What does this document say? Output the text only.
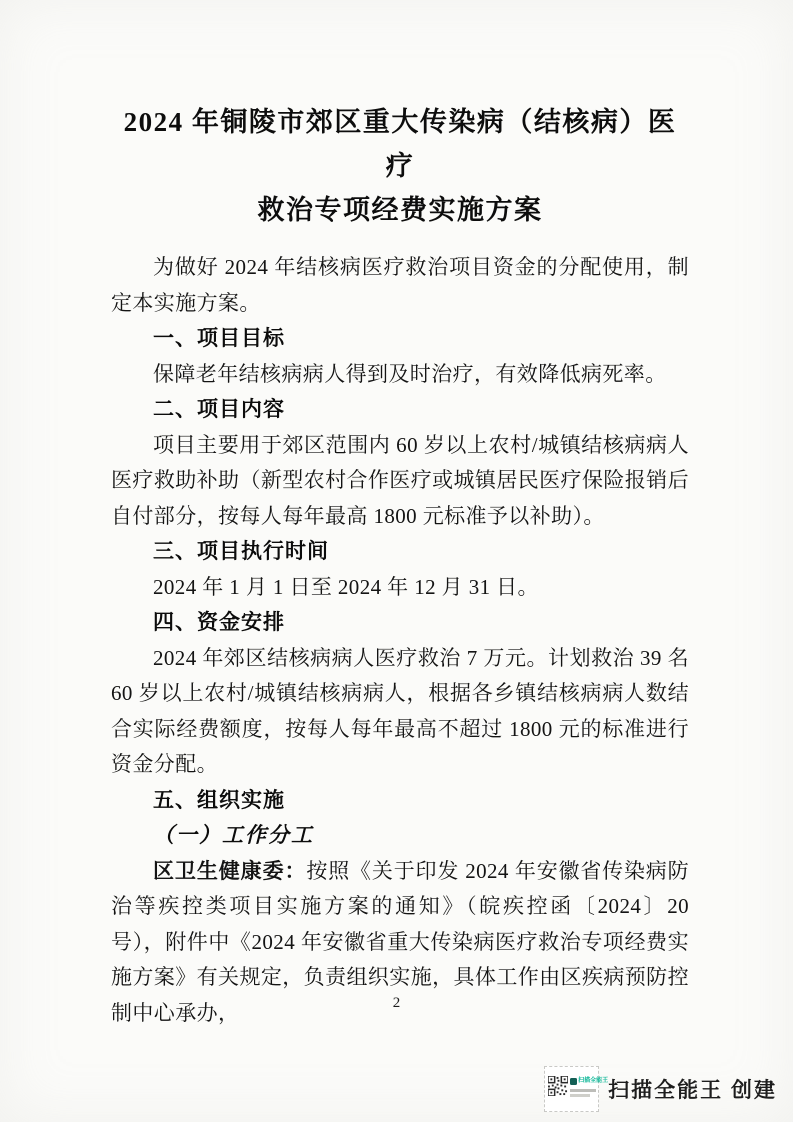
2024 年铜陵市郊区重大传染病（结核病）医疗
救治专项经费实施方案

为做好 2024 年结核病医疗救治项目资金的分配使用，制定本实施方案。

一、项目目标

保障老年结核病病人得到及时治疗，有效降低病死率。

二、项目内容

项目主要用于郊区范围内 60 岁以上农村/城镇结核病病人医疗救助补助（新型农村合作医疗或城镇居民医疗保险报销后自付部分，按每人每年最高 1800 元标准予以补助）。

三、项目执行时间

2024 年 1 月 1 日至 2024 年 12 月 31 日。

四、资金安排

2024 年郊区结核病病人医疗救治 7 万元。计划救治 39 名 60 岁以上农村/城镇结核病病人，根据各乡镇结核病病人数结合实际经费额度，按每人每年最高不超过 1800 元的标准进行资金分配。

五、组织实施

（一）工作分工

区卫生健康委：按照《关于印发 2024 年安徽省传染病防治等疾控类项目实施方案的通知》（皖疾控函〔2024〕20 号），附件中《2024 年安徽省重大传染病医疗救治专项经费实施方案》有关规定，负责组织实施，具体工作由区疾病预防控制中心承办，	2
扫描全能王 扫描全能王 创建
